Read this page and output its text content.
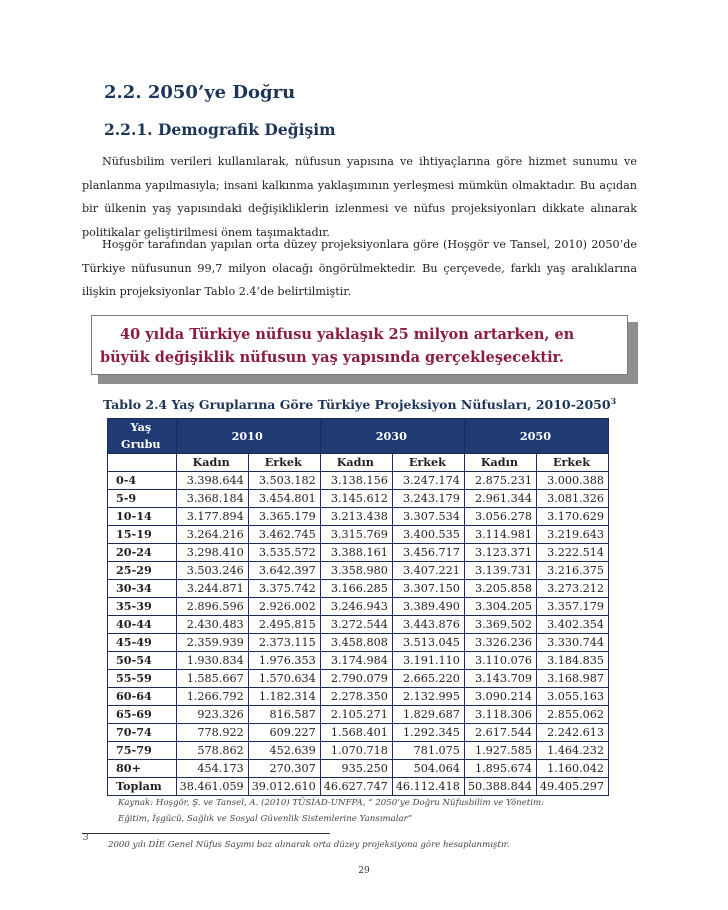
2.2. 2050’ye Doğru
2.2.1. Demografik Değişim

Nüfusbilim verileri kullanılarak, nüfusun yapısına ve ihtiyaçlarına göre hizmet sunumu ve planlanma yapılmasıyla; insani kalkınma yaklaşımının yerleşmesi mümkün olmaktadır. Bu açıdan bir ülkenin yaş yapısındaki değişikliklerin izlenmesi ve nüfus projeksiyonları dikkate alınarak politikalar geliştirilmesi önem taşımaktadır.

Hoşgör tarafından yapılan orta düzey projeksiyonlara göre (Hoşgör ve Tansel, 2010) 2050’de Türkiye nüfusunun 99,7 milyon olacağı öngörülmektedir. Bu çerçevede, farklı yaş aralıklarına ilişkin projeksiyonlar Tablo 2.4’de belirtilmiştir.

40 yılda Türkiye nüfusu yaklaşık 25 milyon artarken, en büyük değişiklik nüfusun yaş yapısında gerçekleşecektir.

Tablo 2.4 Yaş Gruplarına Göre Türkiye Projeksiyon Nüfusları, 2010-2050$^3$
Yaş Grubu	2010		2030		2050	
	Kadın	Erkek	Kadın	Erkek	Kadın	Erkek
0-4	3.398.644	3.503.182	3.138.156	3.247.174	2.875.231	3.000.388
5-9	3.368.184	3.454.801	3.145.612	3.243.179	2.961.344	3.081.326
10-14	3.177.894	3.365.179	3.213.438	3.307.534	3.056.278	3.170.629
15-19	3.264.216	3.462.745	3.315.769	3.400.535	3.114.981	3.219.643
20-24	3.298.410	3.535.572	3.388.161	3.456.717	3.123.371	3.222.514
25-29	3.503.246	3.642.397	3.358.980	3.407.221	3.139.731	3.216.375
30-34	3.244.871	3.375.742	3.166.285	3.307.150	3.205.858	3.273.212
35-39	2.896.596	2.926.002	3.246.943	3.389.490	3.304.205	3.357.179
40-44	2.430.483	2.495.815	3.272.544	3.443.876	3.369.502	3.402.354
45-49	2.359.939	2.373.115	3.458.808	3.513.045	3.326.236	3.330.744
50-54	1.930.834	1.976.353	3.174.984	3.191.110	3.110.076	3.184.835
55-59	1.585.667	1.570.634	2.790.079	2.665.220	3.143.709	3.168.987
60-64	1.266.792	1.182.314	2.278.350	2.132.995	3.090.214	3.055.163
65-69	923.326	816.587	2.105.271	1.829.687	3.118.306	2.855.062
70-74	778.922	609.227	1.568.401	1.292.345	2.617.544	2.242.613
75-79	578.862	452.639	1.070.718	781.075	1.927.585	1.464.232
80+	454.173	270.307	935.250	504.064	1.895.674	1.160.042
Toplam	38.461.059	39.012.610	46.627.747	46.112.418	50.388.844	49.405.297
Kaynak: Hoşgör, Ş. ve Tansel, A. (2010) TÜSİAD-UNFPA, “ 2050’ye Doğru Nüfusbilim ve Yönetim:
Eğitim, İşgücü, Sağlık ve Sosyal Güvenlik Sistemlerine Yansımalar”
3
2000 yılı DİE Genel Nüfus Sayımı baz alınarak orta düzey projeksiyona göre hesaplanmıştır.
29
